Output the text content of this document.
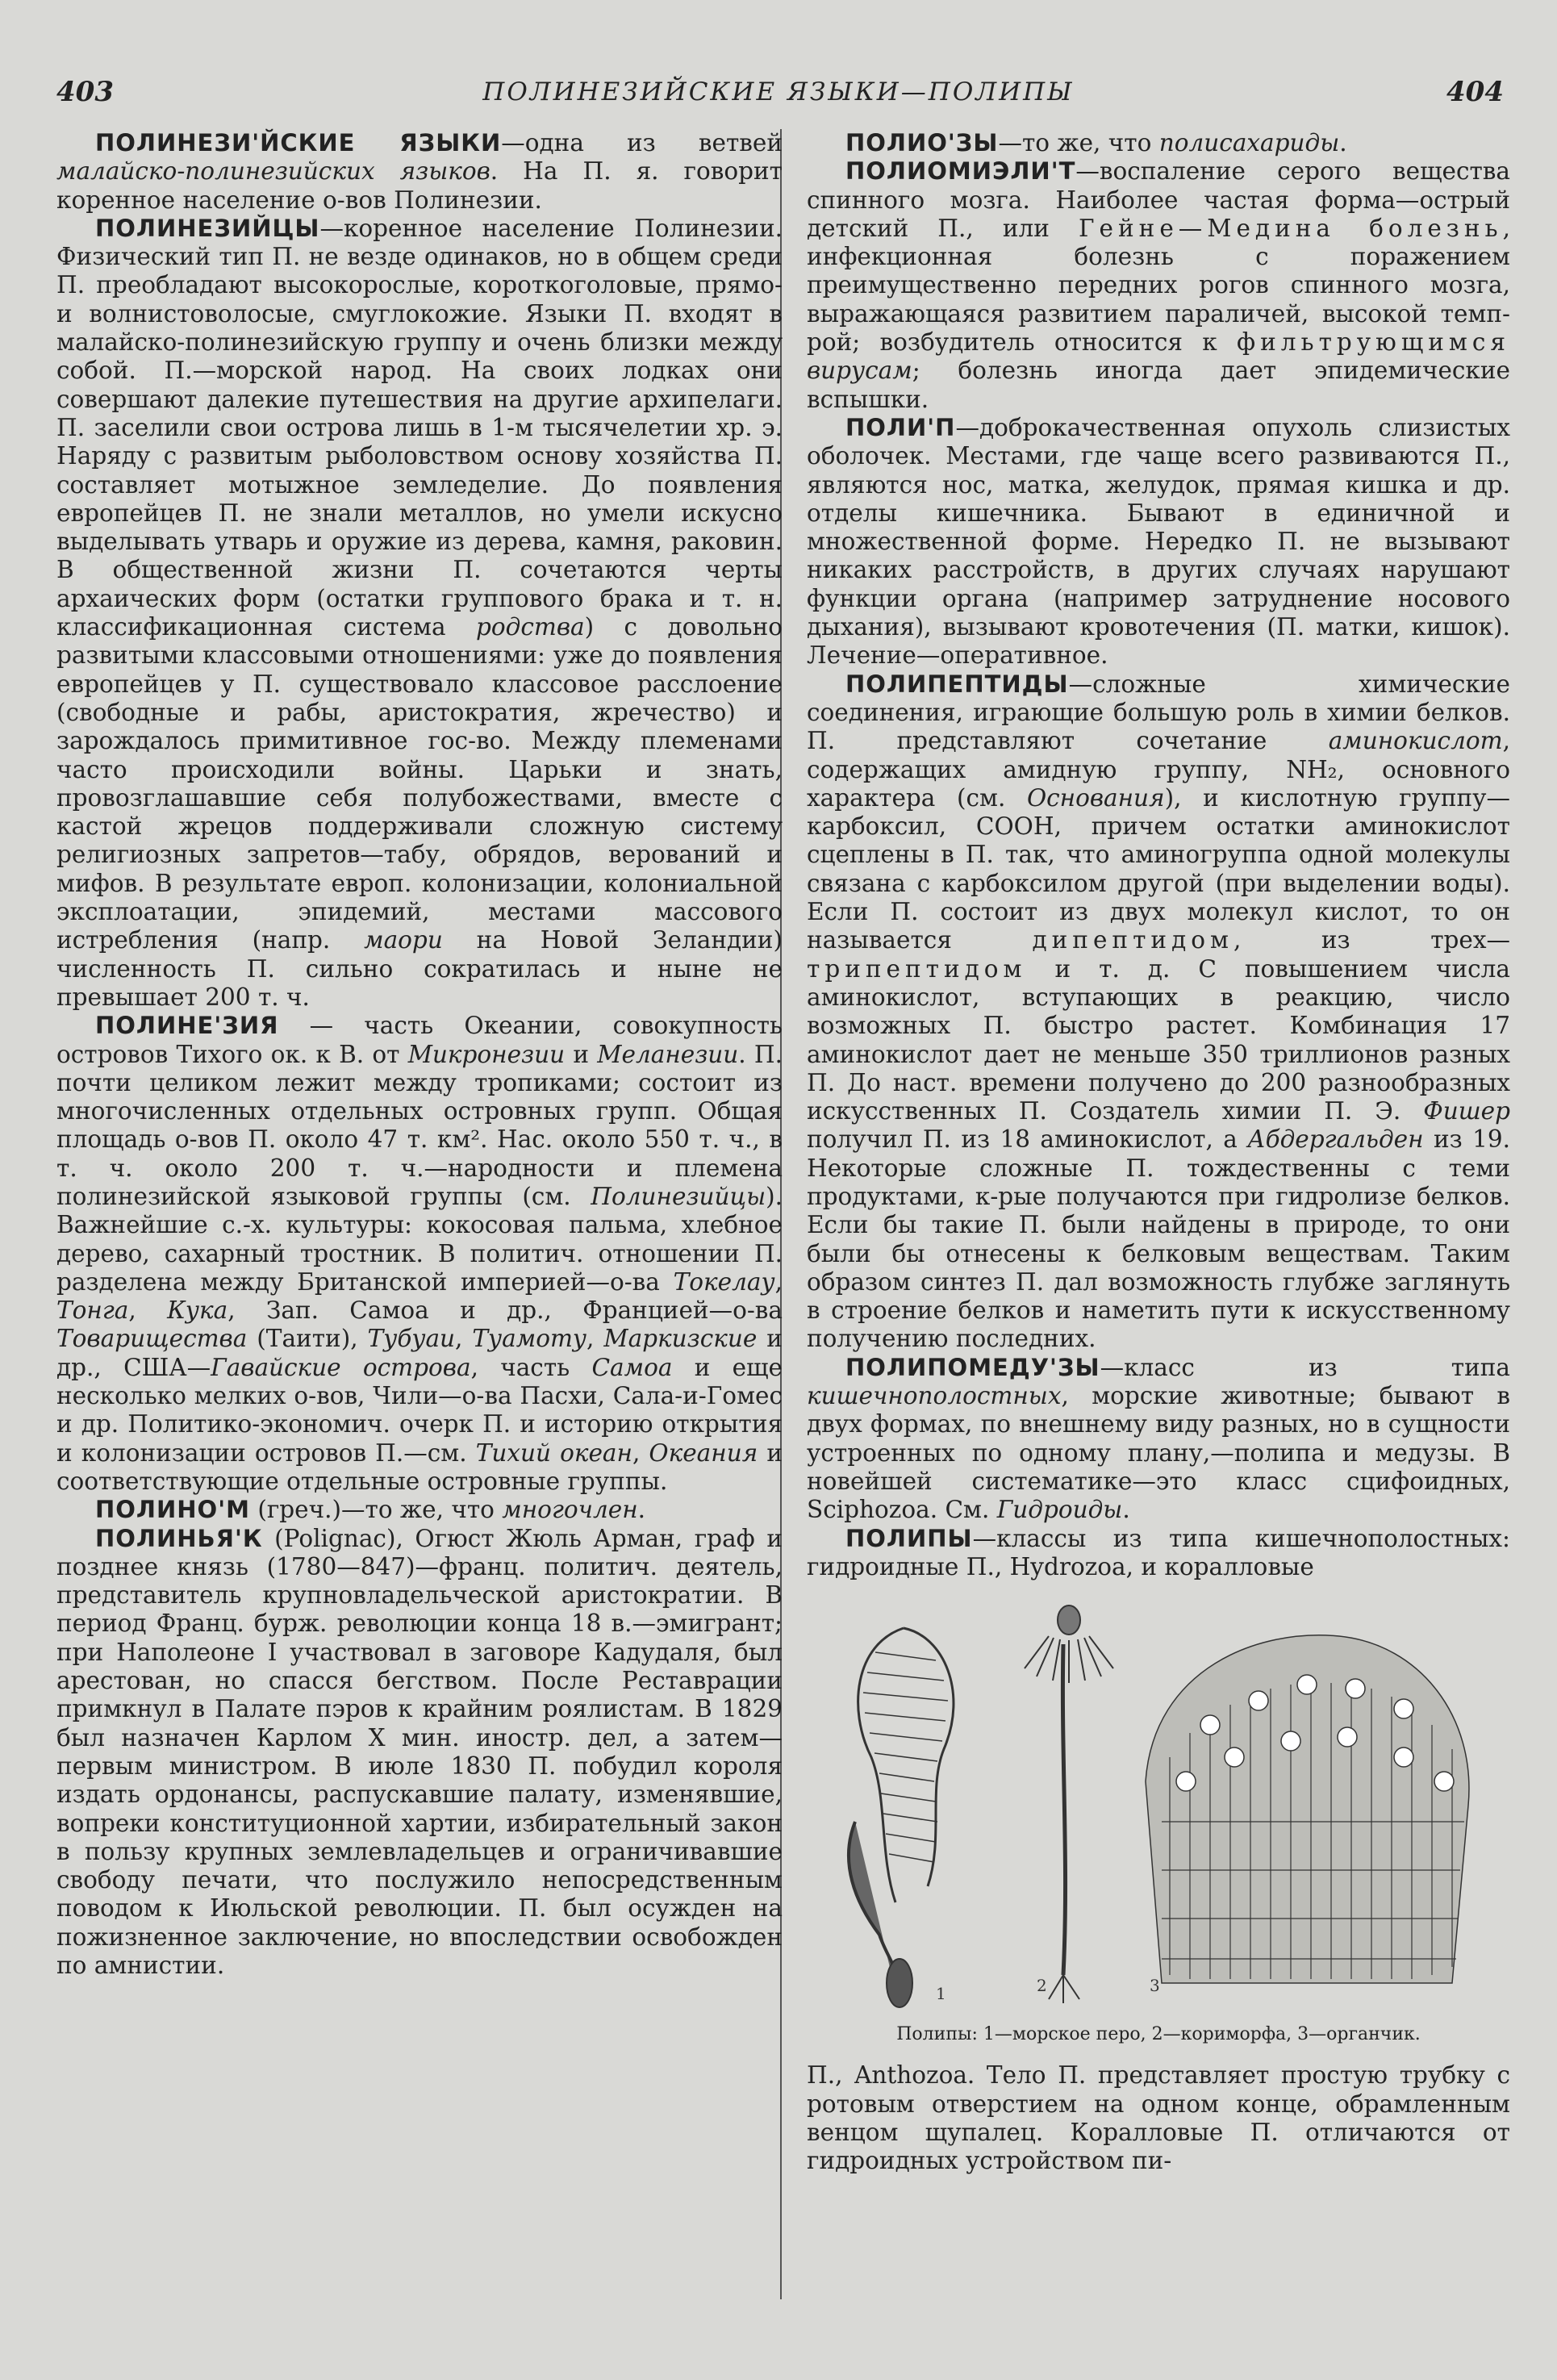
403	ПОЛИНЕЗИЙСКИЕ ЯЗЫКИ—ПОЛИПЫ	404

ПОЛИНЕЗИ'ЙСКИЕ ЯЗЫКИ—одна из ветвей малайско-полинезийских языков. На П. я. говорит коренное население о-вов Полинезии.

ПОЛИНЕЗИЙЦЫ—коренное население Полинезии. Физический тип П. не везде одинаков, но в общем среди П. преобладают высокорослые, короткоголовые, прямо- и волнистоволосые, смуглокожие. Языки П. входят в малайско-полинезийскую группу и очень близки между собой. П.—морской народ. На своих лодках они совершают далекие путешествия на другие архипелаги. П. заселили свои острова лишь в 1-м тысячелетии хр. э. Наряду с развитым рыболовством основу хозяйства П. составляет мотыжное земледелие. До появления европейцев П. не знали металлов, но умели искусно выделывать утварь и оружие из дерева, камня, раковин. В общественной жизни П. сочетаются черты архаических форм (остатки группового брака и т. н. классификационная система родства) с довольно развитыми классовыми отношениями: уже до появления европейцев у П. существовало классовое расслоение (свободные и рабы, аристократия, жречество) и зарождалось примитивное гос-во. Между племенами часто происходили войны. Царьки и знать, провозглашавшие себя полубожествами, вместе с кастой жрецов поддерживали сложную систему религиозных запретов—табу, обрядов, верований и мифов. В результате европ. колонизации, колониальной эксплоатации, эпидемий, местами массового истребления (напр. маори на Новой Зеландии) численность П. сильно сократилась и ныне не превышает 200 т. ч.

ПОЛИНЕ'ЗИЯ — часть Океании, совокупность островов Тихого ок. к В. от Микронезии и Меланезии. П. почти целиком лежит между тропиками; состоит из многочисленных отдельных островных групп. Общая площадь о-вов П. около 47 т. км². Нас. около 550 т. ч., в т. ч. около 200 т. ч.—народности и племена полинезийской языковой группы (см. Полинезийцы). Важнейшие с.-х. культуры: кокосовая пальма, хлебное дерево, сахарный тростник. В политич. отношении П. разделена между Британской империей—о-ва Токелау, Тонга, Кука, Зап. Самоа и др., Францией—о-ва Товарищества (Таити), Тубуаи, Туамоту, Маркизские и др., США—Гавайские острова, часть Самоа и еще несколько мелких о-вов, Чили—о-ва Пасхи, Сала-и-Гомес и др. Политико-экономич. очерк П. и историю открытия и колонизации островов П.—см. Тихий океан, Океания и соответствующие отдельные островные группы.

ПОЛИНО'М (греч.)—то же, что многочлен.

ПОЛИНЬЯ'К (Polignac), Огюст Жюль Арман, граф и позднее князь (1780—847)—франц. политич. деятель, представитель крупновладельческой аристократии. В период Франц. бурж. революции конца 18 в.—эмигрант; при Наполеоне I участвовал в заговоре Кадудаля, был арестован, но спасся бегством. После Реставрации примкнул в Палате пэров к крайним роялистам. В 1829 был назначен Карлом X мин. иностр. дел, а затем—первым министром. В июле 1830 П. побудил короля издать ордонансы, распускавшие палату, изменявшие, вопреки конституционной хартии, избирательный закон в пользу крупных землевладельцев и ограничивавшие свободу печати, что послужило непосредственным поводом к Июльской революции. П. был осужден на пожизненное заключение, но впоследствии освобожден по амнистии.

ПОЛИО'ЗЫ—то же, что полисахариды.

ПОЛИОМИЭЛИ'Т—воспаление серого вещества спинного мозга. Наиболее частая форма—острый детский П., или Гейне—Медина болезнь, инфекционная болезнь с поражением преимущественно передних рогов спинного мозга, выражающаяся развитием параличей, высокой темп-рой; возбудитель относится к фильтрующимся вирусам; болезнь иногда дает эпидемические вспышки.

ПОЛИ'П—доброкачественная опухоль слизистых оболочек. Местами, где чаще всего развиваются П., являются нос, матка, желудок, прямая кишка и др. отделы кишечника. Бывают в единичной и множественной форме. Нередко П. не вызывают никаких расстройств, в других случаях нарушают функции органа (например затруднение носового дыхания), вызывают кровотечения (П. матки, кишок). Лечение—оперативное.

ПОЛИПЕПТИДЫ—сложные химические соединения, играющие большую роль в химии белков. П. представляют сочетание аминокислот, содержащих амидную группу, NH₂, основного характера (см. Основания), и кислотную группу—карбоксил, СООН, причем остатки аминокислот сцеплены в П. так, что аминогруппа одной молекулы связана с карбоксилом другой (при выделении воды). Если П. состоит из двух молекул кислот, то он называется дипептидом, из трех—трипептидом и т. д. С повышением числа аминокислот, вступающих в реакцию, число возможных П. быстро растет. Комбинация 17 аминокислот дает не меньше 350 триллионов разных П. До наст. времени получено до 200 разнообразных искусственных П. Создатель химии П. Э. Фишер получил П. из 18 аминокислот, а Абдергальден из 19. Некоторые сложные П. тождественны с теми продуктами, к-рые получаются при гидролизе белков. Если бы такие П. были найдены в природе, то они были бы отнесены к белковым веществам. Таким образом синтез П. дал возможность глубже заглянуть в строение белков и наметить пути к искусственному получению последних.

ПОЛИПОМЕДУ'ЗЫ—класс из типа кишечнополостных, морские животные; бывают в двух формах, по внешнему виду разных, но в сущности устроенных по одному плану,—полипа и медузы. В новейшей систематике—это класс сцифоидных, Sciphozoa. См. Гидроиды.

ПОЛИПЫ—классы из типа кишечнополостных: гидроидные П., Hydrozoa, и коралловые

1	2	3
Полипы: 1—морское перо, 2—кориморфа, 3—органчик.

П., Anthozoa. Тело П. представляет простую трубку с ротовым отверстием на одном конце, обрамленным венцом щупалец. Коралловые П. отличаются от гидроидных устройством пи-
